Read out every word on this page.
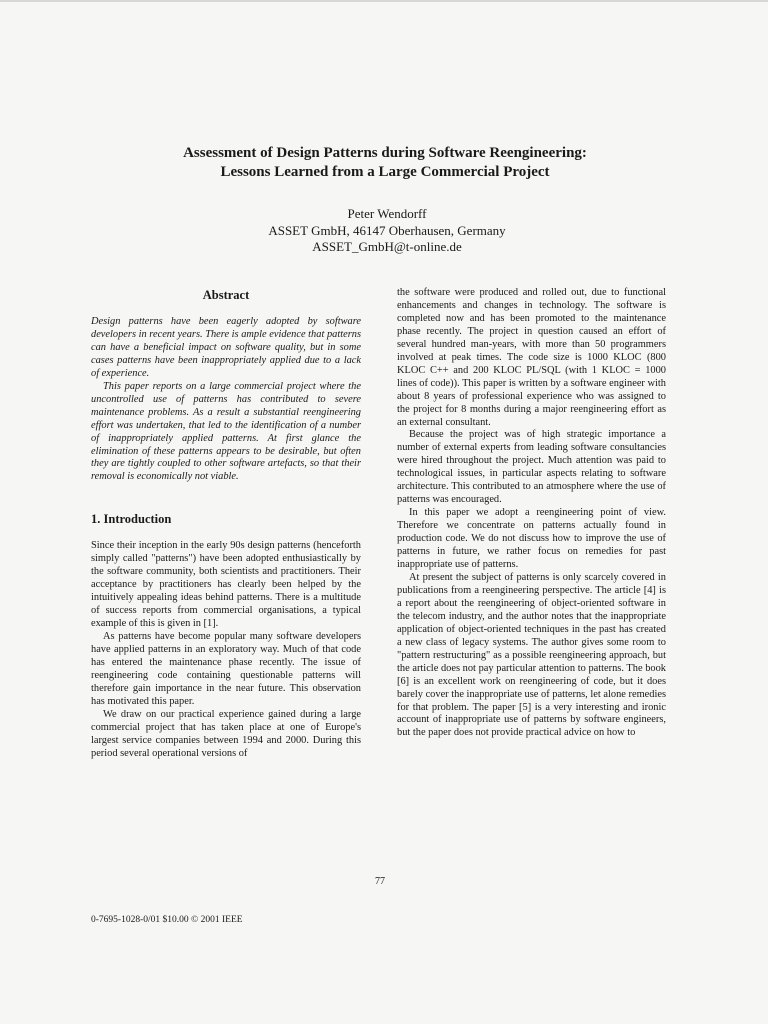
Assessment of Design Patterns during Software Reengineering:

Lessons Learned from a Large Commercial Project

Peter Wendorff
ASSET GmbH, 46147 Oberhausen, Germany
ASSET_GmbH@t-online.de
Abstract

Design patterns have been eagerly adopted by software developers in recent years. There is ample evidence that patterns can have a beneficial impact on software quality, but in some cases patterns have been inappropriately applied due to a lack of experience.

This paper reports on a large commercial project where the uncontrolled use of patterns has contributed to severe maintenance problems. As a result a substantial reengineering effort was undertaken, that led to the identification of a number of inappropriately applied patterns. At first glance the elimination of these patterns appears to be desirable, but often they are tightly coupled to other software artefacts, so that their removal is economically not viable.

1. Introduction

Since their inception in the early 90s design patterns (henceforth simply called "patterns") have been adopted enthusiastically by the software community, both scientists and practitioners. Their acceptance by practitioners has clearly been helped by the intuitively appealing ideas behind patterns. There is a multitude of success reports from commercial organisations, a typical example of this is given in [1].

As patterns have become popular many software developers have applied patterns in an exploratory way. Much of that code has entered the maintenance phase recently. The issue of reengineering code containing questionable patterns will therefore gain importance in the near future. This observation has motivated this paper.

We draw on our practical experience gained during a large commercial project that has taken place at one of Europe's largest service companies between 1994 and 2000. During this period several operational versions of

the software were produced and rolled out, due to functional enhancements and changes in technology. The software is completed now and has been promoted to the maintenance phase recently. The project in question caused an effort of several hundred man-years, with more than 50 programmers involved at peak times. The code size is 1000 KLOC (800 KLOC C++ and 200 KLOC PL/SQL (with 1 KLOC = 1000 lines of code)). This paper is written by a software engineer with about 8 years of professional experience who was assigned to the project for 8 months during a major reengineering effort as an external consultant.

Because the project was of high strategic importance a number of external experts from leading software consultancies were hired throughout the project. Much attention was paid to technological issues, in particular aspects relating to software architecture. This contributed to an atmosphere where the use of patterns was encouraged.

In this paper we adopt a reengineering point of view. Therefore we concentrate on patterns actually found in production code. We do not discuss how to improve the use of patterns in future, we rather focus on remedies for past inappropriate use of patterns.

At present the subject of patterns is only scarcely covered in publications from a reengineering perspective. The article [4] is a report about the reengineering of object-oriented software in the telecom industry, and the author notes that the inappropriate application of object-oriented techniques in the past has created a new class of legacy systems. The author gives some room to "pattern restructuring" as a possible reengineering approach, but the article does not pay particular attention to patterns. The book [6] is an excellent work on reengineering of code, but it does barely cover the inappropriate use of patterns, let alone remedies for that problem. The paper [5] is a very interesting and ironic account of inappropriate use of patterns by software engineers, but the paper does not provide practical advice on how to

77
0-7695-1028-0/01 $10.00 © 2001 IEEE
